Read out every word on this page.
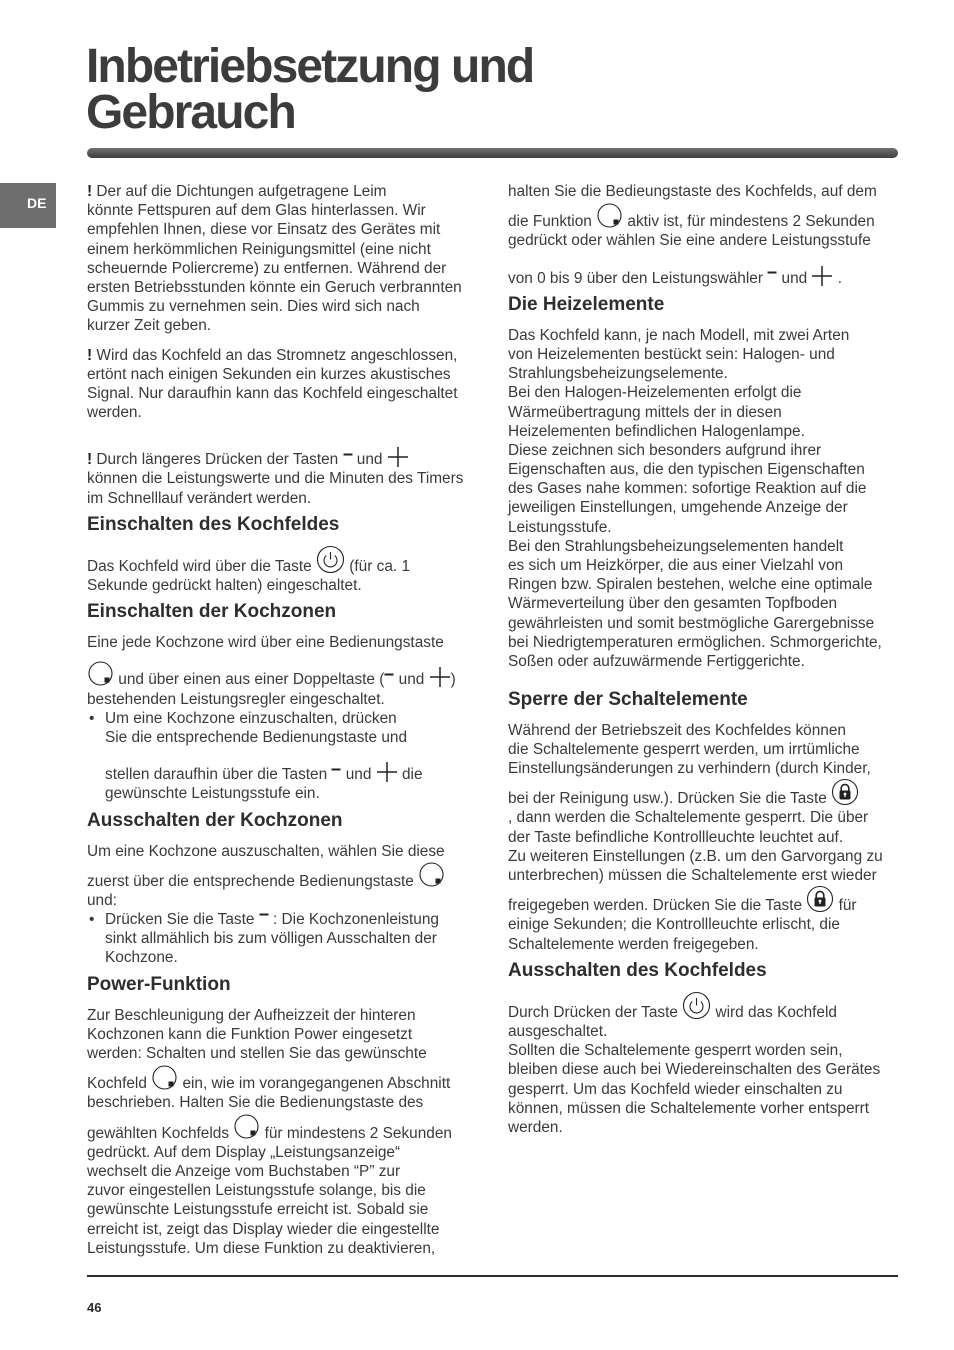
Inbetriebsetzung und
Gebrauch
DE
! Der auf die Dichtungen aufgetragene Leim
könnte Fettspuren auf dem Glas hinterlassen. Wir
empfehlen Ihnen, diese vor Einsatz des Gerätes mit
einem herkömmlichen Reinigungsmittel (eine nicht
scheuernde Poliercreme) zu entfernen. Während der
ersten Betriebsstunden könnte ein Geruch verbrannten
Gummis zu vernehmen sein. Dies wird sich nach
kurzer Zeit geben.
! Wird das Kochfeld an das Stromnetz angeschlossen,
ertönt nach einigen Sekunden ein kurzes akustisches
Signal. Nur daraufhin kann das Kochfeld eingeschaltet
werden.
! Durch längeres Drücken der Tasten
und
können die Leistungswerte und die Minuten des Timers
im Schnelllauf verändert werden.
Einschalten des Kochfeldes
Das Kochfeld wird über die Taste
(für ca. 1
Sekunde gedrückt halten) eingeschaltet.
Einschalten der Kochzonen
Eine jede Kochzone wird über eine Bedienungstaste
und über einen aus einer Doppeltaste (
und
)
bestehenden Leistungsregler eingeschaltet.
• Um eine Kochzone einzuschalten, drücken
Sie die entsprechende Bedienungstaste und
stellen daraufhin über die Tasten
und
die
gewünschte Leistungsstufe ein.
Ausschalten der Kochzonen
Um eine Kochzone auszuschalten, wählen Sie diese
zuerst über die entsprechende Bedienungstaste
und:
• Drücken Sie die Taste
: Die Kochzonenleistung
sinkt allmählich bis zum völligen Ausschalten der
Kochzone.
Power-Funktion
Zur Beschleunigung der Aufheizzeit der hinteren
Kochzonen kann die Funktion Power eingesetzt
werden: Schalten und stellen Sie das gewünschte
Kochfeld
ein, wie im vorangegangenen Abschnitt
beschrieben. Halten Sie die Bedienungstaste des
gewählten Kochfelds
für mindestens 2 Sekunden
gedrückt. Auf dem Display „Leistungsanzeige“
wechselt die Anzeige vom Buchstaben “P” zur
zuvor eingestellen Leistungsstufe solange, bis die
gewünschte Leistungsstufe erreicht ist. Sobald sie
erreicht ist, zeigt das Display wieder die eingestellte
Leistungsstufe. Um diese Funktion zu deaktivieren,
halten Sie die Bedieungstaste des Kochfelds, auf dem
die Funktion
aktiv ist, für mindestens 2 Sekunden
gedrückt oder wählen Sie eine andere Leistungsstufe
von 0 bis 9 über den Leistungswähler
und
.
Die Heizelemente
Das Kochfeld kann, je nach Modell, mit zwei Arten
von Heizelementen bestückt sein: Halogen- und
Strahlungsbeheizungselemente.
Bei den Halogen-Heizelementen erfolgt die
Wärmeübertragung mittels der in diesen
Heizelementen befindlichen Halogenlampe.
Diese zeichnen sich besonders aufgrund ihrer
Eigenschaften aus, die den typischen Eigenschaften
des Gases nahe kommen: sofortige Reaktion auf die
jeweiligen Einstellungen, umgehende Anzeige der
Leistungsstufe.
Bei den Strahlungsbeheizungselementen handelt
es sich um Heizkörper, die aus einer Vielzahl von
Ringen bzw. Spiralen bestehen, welche eine optimale
Wärmeverteilung über den gesamten Topfboden
gewährleisten und somit bestmögliche Garergebnisse
bei Niedrigtemperaturen ermöglichen. Schmorgerichte,
Soßen oder aufzuwärmende Fertiggerichte.
Sperre der Schaltelemente
Während der Betriebszeit des Kochfeldes können
die Schaltelemente gesperrt werden, um irrtümliche
Einstellungsänderungen zu verhindern (durch Kinder,
bei der Reinigung usw.). Drücken Sie die Taste
, dann werden die Schaltelemente gesperrt. Die über
der Taste befindliche Kontrollleuchte leuchtet auf.
Zu weiteren Einstellungen (z.B. um den Garvorgang zu
unterbrechen) müssen die Schaltelemente erst wieder
freigegeben werden. Drücken Sie die Taste
für
einige Sekunden; die Kontrollleuchte erlischt, die
Schaltelemente werden freigegeben.
Ausschalten des Kochfeldes
Durch Drücken der Taste
wird das Kochfeld
ausgeschaltet.
Sollten die Schaltelemente gesperrt worden sein,
bleiben diese auch bei Wiedereinschalten des Gerätes
gesperrt. Um das Kochfeld wieder einschalten zu
können, müssen die Schaltelemente vorher entsperrt
werden.
46
